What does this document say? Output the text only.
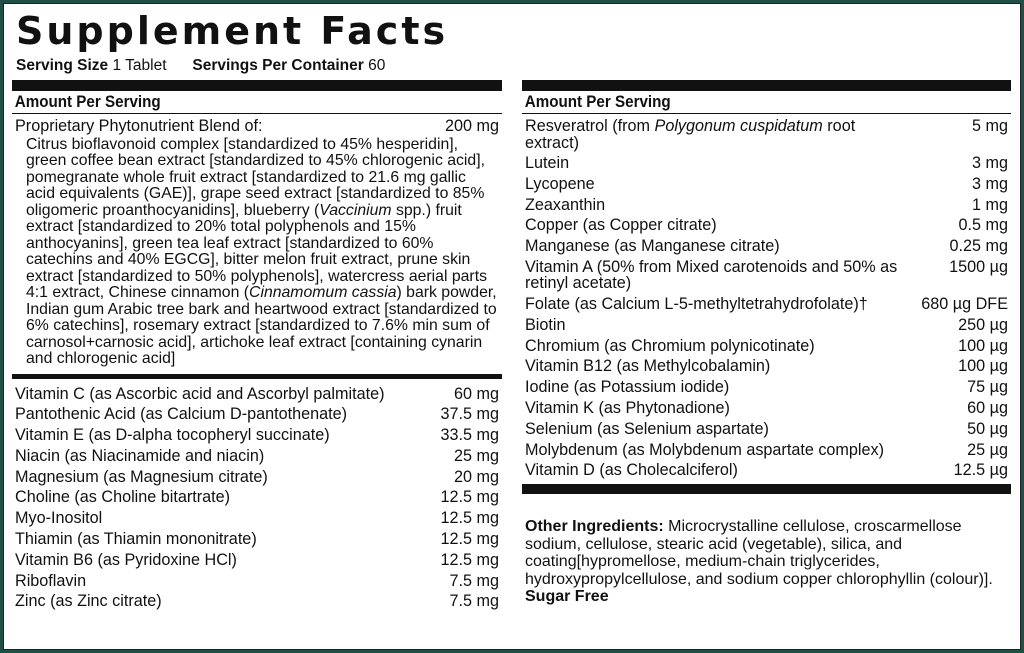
Supplement Facts
Serving Size 1 Tablet Servings Per Container 60
Amount Per Serving
Proprietary Phytonutrient Blend of:	200 mg
Citrus bioflavonoid complex [standardized to 45% hesperidin], green coffee bean extract [standardized to 45% chlorogenic acid], pomegranate whole fruit extract [standardized to 21.6 mg gallic acid equivalents (GAE)], grape seed extract [standardized to 85% oligomeric proanthocyanidins], blueberry (Vaccinium spp.) fruit extract [standardized to 20% total polyphenols and 15% anthocyanins], green tea leaf extract [standardized to 60% catechins and 40% EGCG], bitter melon fruit extract, prune skin extract [standardized to 50% polyphenols], watercress aerial parts 4:1 extract, Chinese cinnamon (Cinnamomum cassia) bark powder, Indian gum Arabic tree bark and heartwood extract [standardized to 6% catechins], rosemary extract [standardized to 7.6% min sum of carnosol+carnosic acid], artichoke leaf extract [containing cynarin and chlorogenic acid]
Vitamin C (as Ascorbic acid and Ascorbyl palmitate)	60 mg
Pantothenic Acid (as Calcium D-pantothenate)	37.5 mg
Vitamin E (as D-alpha tocopheryl succinate)	33.5 mg
Niacin (as Niacinamide and niacin)	25 mg
Magnesium (as Magnesium citrate)	20 mg
Choline (as Choline bitartrate)	12.5 mg
Myo-Inositol	12.5 mg
Thiamin (as Thiamin mononitrate)	12.5 mg
Vitamin B6 (as Pyridoxine HCl)	12.5 mg
Riboflavin	7.5 mg
Zinc (as Zinc citrate)	7.5 mg
Amount Per Serving
Resveratrol (from Polygonum cuspidatum root extract)
5 mg
Lutein	3 mg
Lycopene	3 mg
Zeaxanthin	1 mg
Copper (as Copper citrate)	0.5 mg
Manganese (as Manganese citrate)	0.25 mg
Vitamin A (50% from Mixed carotenoids and 50% as retinyl acetate)
1500 µg
Folate (as Calcium L-5-methyltetrahydrofolate)†	680 µg DFE
Biotin	250 µg
Chromium (as Chromium polynicotinate)	100 µg
Vitamin B12 (as Methylcobalamin)	100 µg
Iodine (as Potassium iodide)	75 µg
Vitamin K (as Phytonadione)	60 µg
Selenium (as Selenium aspartate)	50 µg
Molybdenum (as Molybdenum aspartate complex)	25 µg
Vitamin D (as Cholecalciferol)	12.5 µg
Other Ingredients: Microcrystalline cellulose, croscarmellose sodium, cellulose, stearic acid (vegetable), silica, and coating[hypromellose, medium-chain triglycerides, hydroxypropylcellulose, and sodium copper chlorophyllin (colour)]. Sugar Free
